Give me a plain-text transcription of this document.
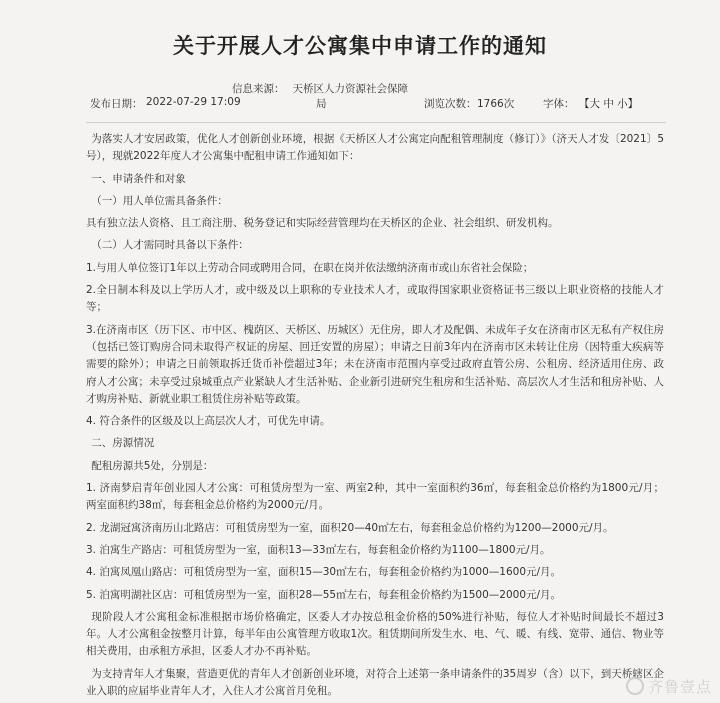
关于开展人才公寓集中申请工作的通知
信息来源： 天桥区人力资源社会保障
发布日期： 2022-07-29 17:09	局	浏览次数： 1766次	字体： 【大 中 小】

为落实人才安居政策，优化人才创新创业环境，根据《天桥区人才公寓定向配租管理制度（修订）》（济天人才发〔2021〕5号），现就2022年度人才公寓集中配租申请工作通知如下：

一、申请条件和对象

（一）用人单位需具备条件：

具有独立法人资格、且工商注册、税务登记和实际经营管理均在天桥区的企业、社会组织、研发机构。

（二）人才需同时具备以下条件：

1.与用人单位签订1年以上劳动合同或聘用合同，在职在岗并依法缴纳济南市或山东省社会保险；

2.全日制本科及以上学历人才，或中级及以上职称的专业技术人才，或取得国家职业资格证书三级以上职业资格的技能人才等；

3.在济南市区（历下区、市中区、槐荫区、天桥区、历城区）无住房，即人才及配偶、未成年子女在济南市区无私有产权住房（包括已签订购房合同未取得产权证的房屋、回迁安置的房屋）；申请之日前3年内在济南市区未转让住房（因特重大疾病等需要的除外）；申请之日前领取拆迁货币补偿超过3年；未在济南市范围内享受过政府直管公房、公租房、经济适用住房、政府人才公寓；未享受过泉城重点产业紧缺人才生活补贴、企业新引进研究生租房和生活补贴、高层次人才生活和租房补贴、人才购房补贴、新就业职工租赁住房补贴等政策。

4. 符合条件的区级及以上高层次人才，可优先申请。

二、房源情况

配租房源共5处，分别是：

1. 济南梦启青年创业园人才公寓：可租赁房型为一室、两室2种，其中一室面积约36㎡，每套租金总价格约为1800元/月；两室面积约38㎡，每套租金总价格约为2000元/月。

2. 龙湖冠寓济南历山北路店：可租赁房型为一室，面积20—40㎡左右，每套租金总价格约为1200—2000元/月。

3. 泊寓生产路店：可租赁房型为一室，面积13—33㎡左右，每套租金价格约为1100—1800元/月。

4. 泊寓凤凰山路店：可租赁房型为一室，面积15—30㎡左右，每套租金价格约为1000—1600元/月。

5. 泊寓明湖社区店：可租赁房型为一室，面积28—55㎡左右，每套租金价格约为1500—2000元/月。

现阶段人才公寓租金标准根据市场价格确定，区委人才办按总租金价格的50%进行补贴，每位人才补贴时间最长不超过3年。人才公寓租金按整月计算，每半年由公寓管理方收取1次。租赁期间所发生水、电、气、暖、有线、宽带、通信、物业等相关费用，由承租方承担，区委人才办不再补贴。

为支持青年人才集聚，营造更优的青年人才创新创业环境，对符合上述第一条申请条件的35周岁（含）以下，到天桥辖区企业入职的应届毕业青年人才，入住人才公寓首月免租。	齐鲁壹点
